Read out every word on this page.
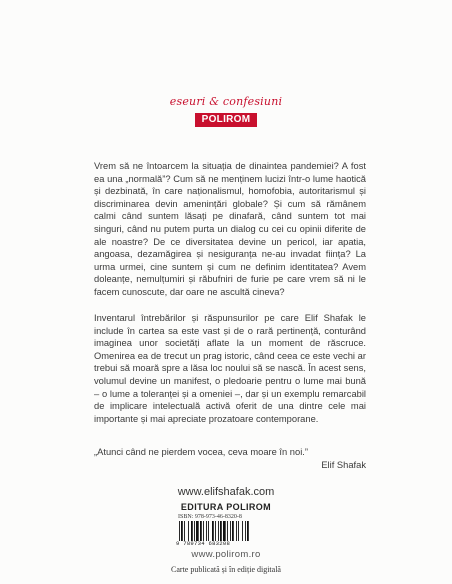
eseuri & confesiuni
POLIROM
Vrem să ne întoarcem la situația de dinaintea pandemiei? A fost ea una „normală”? Cum să ne menținem lucizi într-o lume haotică și dezbinată, în care naționalismul, homofobia, autoritarismul și discriminarea devin amenințări globale? Și cum să rămânem calmi când suntem lăsați pe dinafară, când suntem tot mai singuri, când nu putem purta un dialog cu cei cu opinii diferite de ale noastre? De ce diversitatea devine un pericol, iar apatia, angoasa, dezamăgirea și nesiguranța ne-au invadat ființa? La urma urmei, cine suntem și cum ne definim identitatea? Avem doleanțe, nemulțumiri și răbufniri de furie pe care vrem să ni le facem cunoscute, dar oare ne ascultă cineva?
Inventarul întrebărilor și răspunsurilor pe care Elif Shafak le include în cartea sa este vast și de o rară pertinență, conturând imaginea unor societăți aflate la un moment de răscruce. Omenirea ea de trecut un prag istoric, când ceea ce este vechi ar trebui să moară spre a lăsa loc noului să se nască. În acest sens, volumul devine un manifest, o pledoarie pentru o lume mai bună – o lume a toleranței și a omeniei –, dar și un exemplu remarcabil de implicare intelectuală activă oferit de una dintre cele mai importante și mai apreciate prozatoare contemporane.
„Atunci când ne pierdem vocea, ceva moare în noi.”
Elif Shafak
www.elifshafak.com
EDITURA POLIROM
ISBN: 978-973-46-8320-8
9 789734 683208
www.polirom.ro
Carte publicată și în ediție digitală
